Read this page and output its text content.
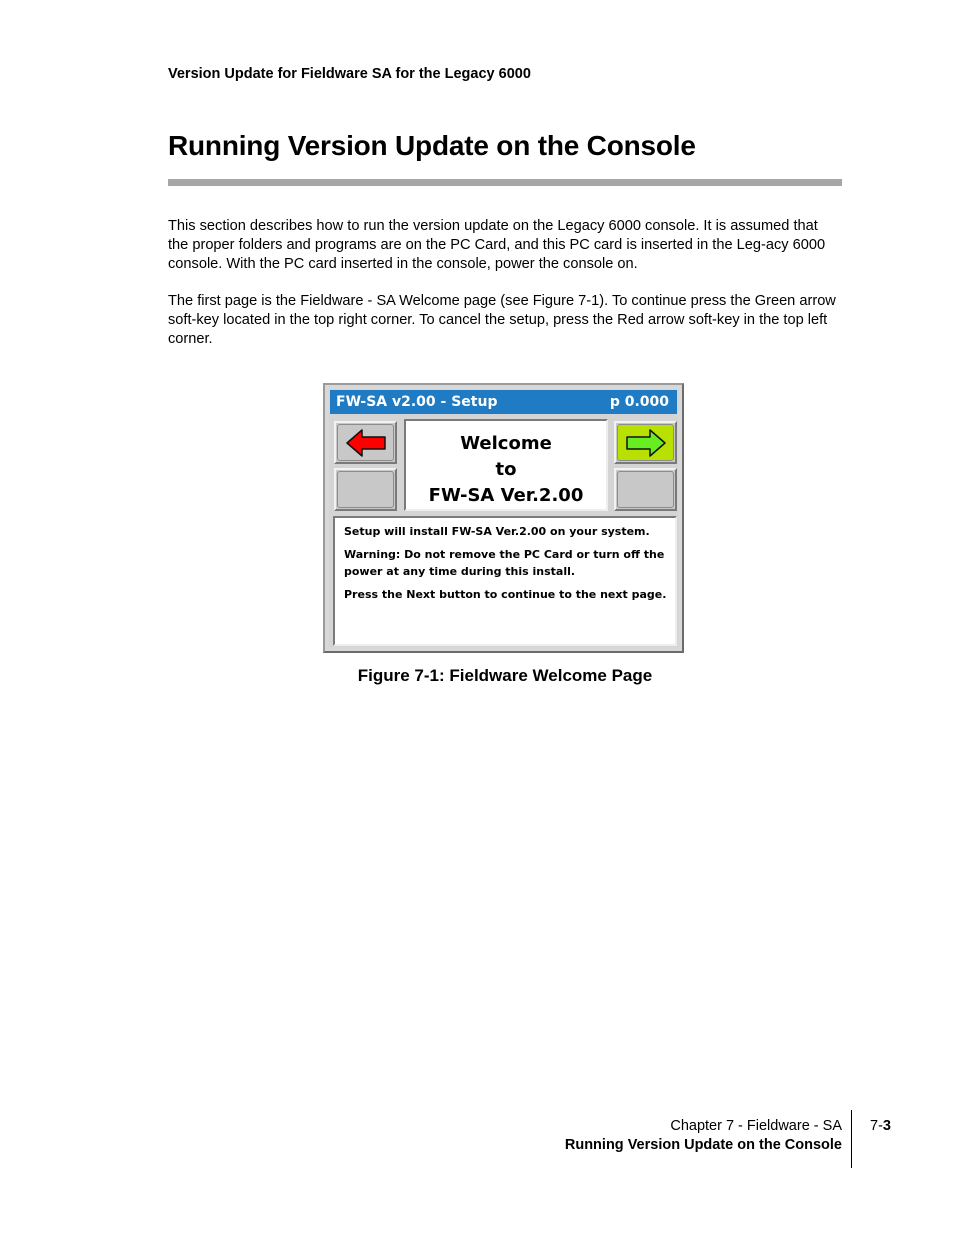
Version Update for Fieldware SA for the Legacy 6000
Running Version Update on the Console

This section describes how to run the version update on the Legacy 6000 console. It is assumed that the proper folders and programs are on the PC Card, and this PC card is inserted in the Leg-acy 6000 console. With the PC card inserted in the console, power the console on.

The first page is the Fieldware - SA Welcome page (see Figure 7-1). To continue press the Green arrow soft-key located in the top right corner. To cancel the setup, press the Red arrow soft-key in the top left corner.

FW-SA v2.00 - Setup	p 0.000
Welcome
to
FW-SA Ver.2.00

Setup will install FW-SA Ver.2.00 on your system.

Warning: Do not remove the PC Card or turn off the power at any time during this install.

Press the Next button to continue to the next page.

Figure 7-1: Fieldware Welcome Page
Chapter 7 - Fieldware - SA
Running Version Update on the Console
7-3
